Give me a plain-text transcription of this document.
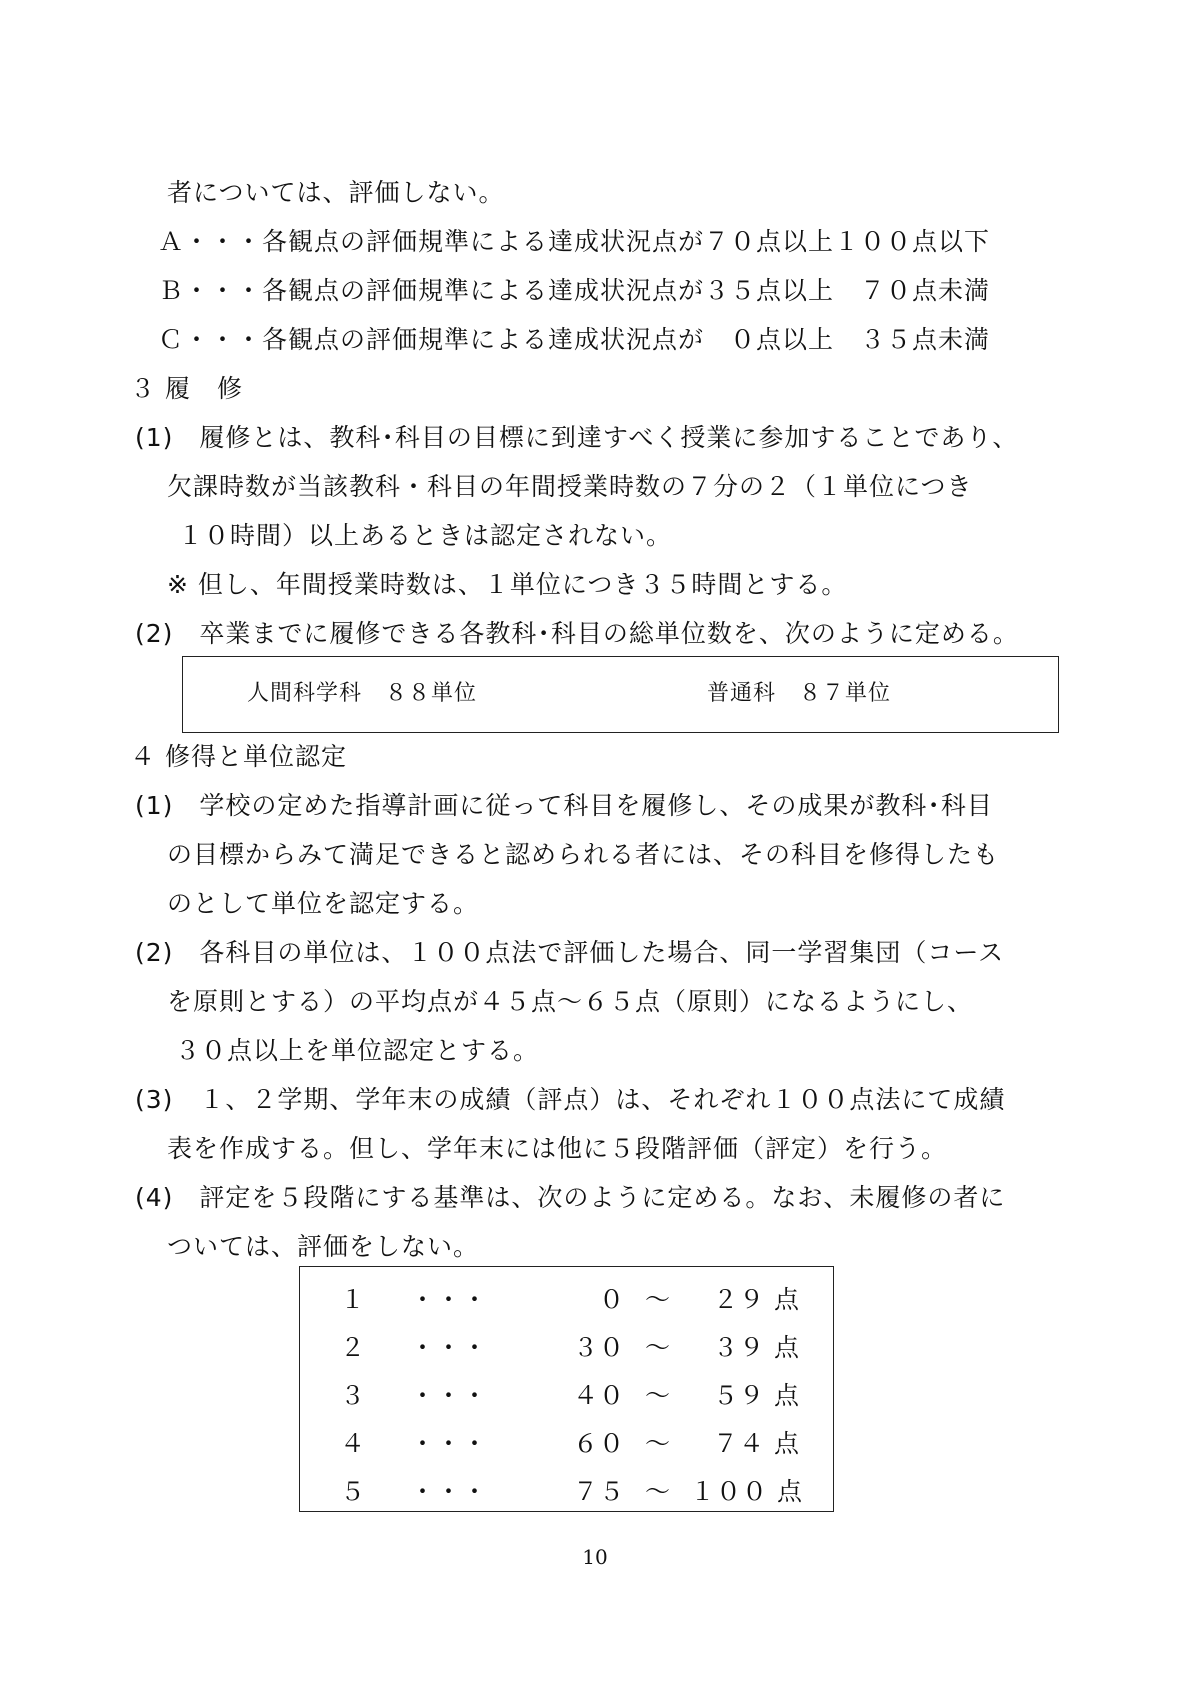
者については、評価しない。
Ａ・・・各観点の評価規準による達成状況点が７０点以上１００点以下
Ｂ・・・各観点の評価規準による達成状況点が３５点以上　７０点未満
Ｃ・・・各観点の評価規準による達成状況点が　０点以上　３５点未満
３ 履　修
(1)　履修とは、教科･科目の目標に到達すべく授業に参加することであり、
欠課時数が当該教科・科目の年間授業時数の７分の２（１単位につき
１０時間）以上あるときは認定されない。
※ 但し、年間授業時数は、１単位につき３５時間とする。
(2)　卒業までに履修できる各教科･科目の総単位数を、次のように定める。
人間科学科　８８単位	普通科　８７単位
４ 修得と単位認定
(1)　学校の定めた指導計画に従って科目を履修し、その成果が教科･科目
の目標からみて満足できると認められる者には、その科目を修得したも
のとして単位を認定する。
(2)　各科目の単位は、１００点法で評価した場合、同一学習集団（コース
を原則とする）の平均点が４５点～６５点（原則）になるようにし、
３０点以上を単位認定とする。
(3)　１、２学期、学年末の成績（評点）は、それぞれ１００点法にて成績
表を作成する。但し、学年末には他に５段階評価（評定）を行う。
(4)　評定を５段階にする基準は、次のように定める。なお、未履修の者に
ついては、評価をしない。
１ ・・・	０ ～	２９ 点
２ ・・・	３０ ～	３９ 点
３ ・・・	４０ ～	５９ 点
４ ・・・	６０ ～	７４ 点
５ ・・・	７５ ～ １００ 点
10
